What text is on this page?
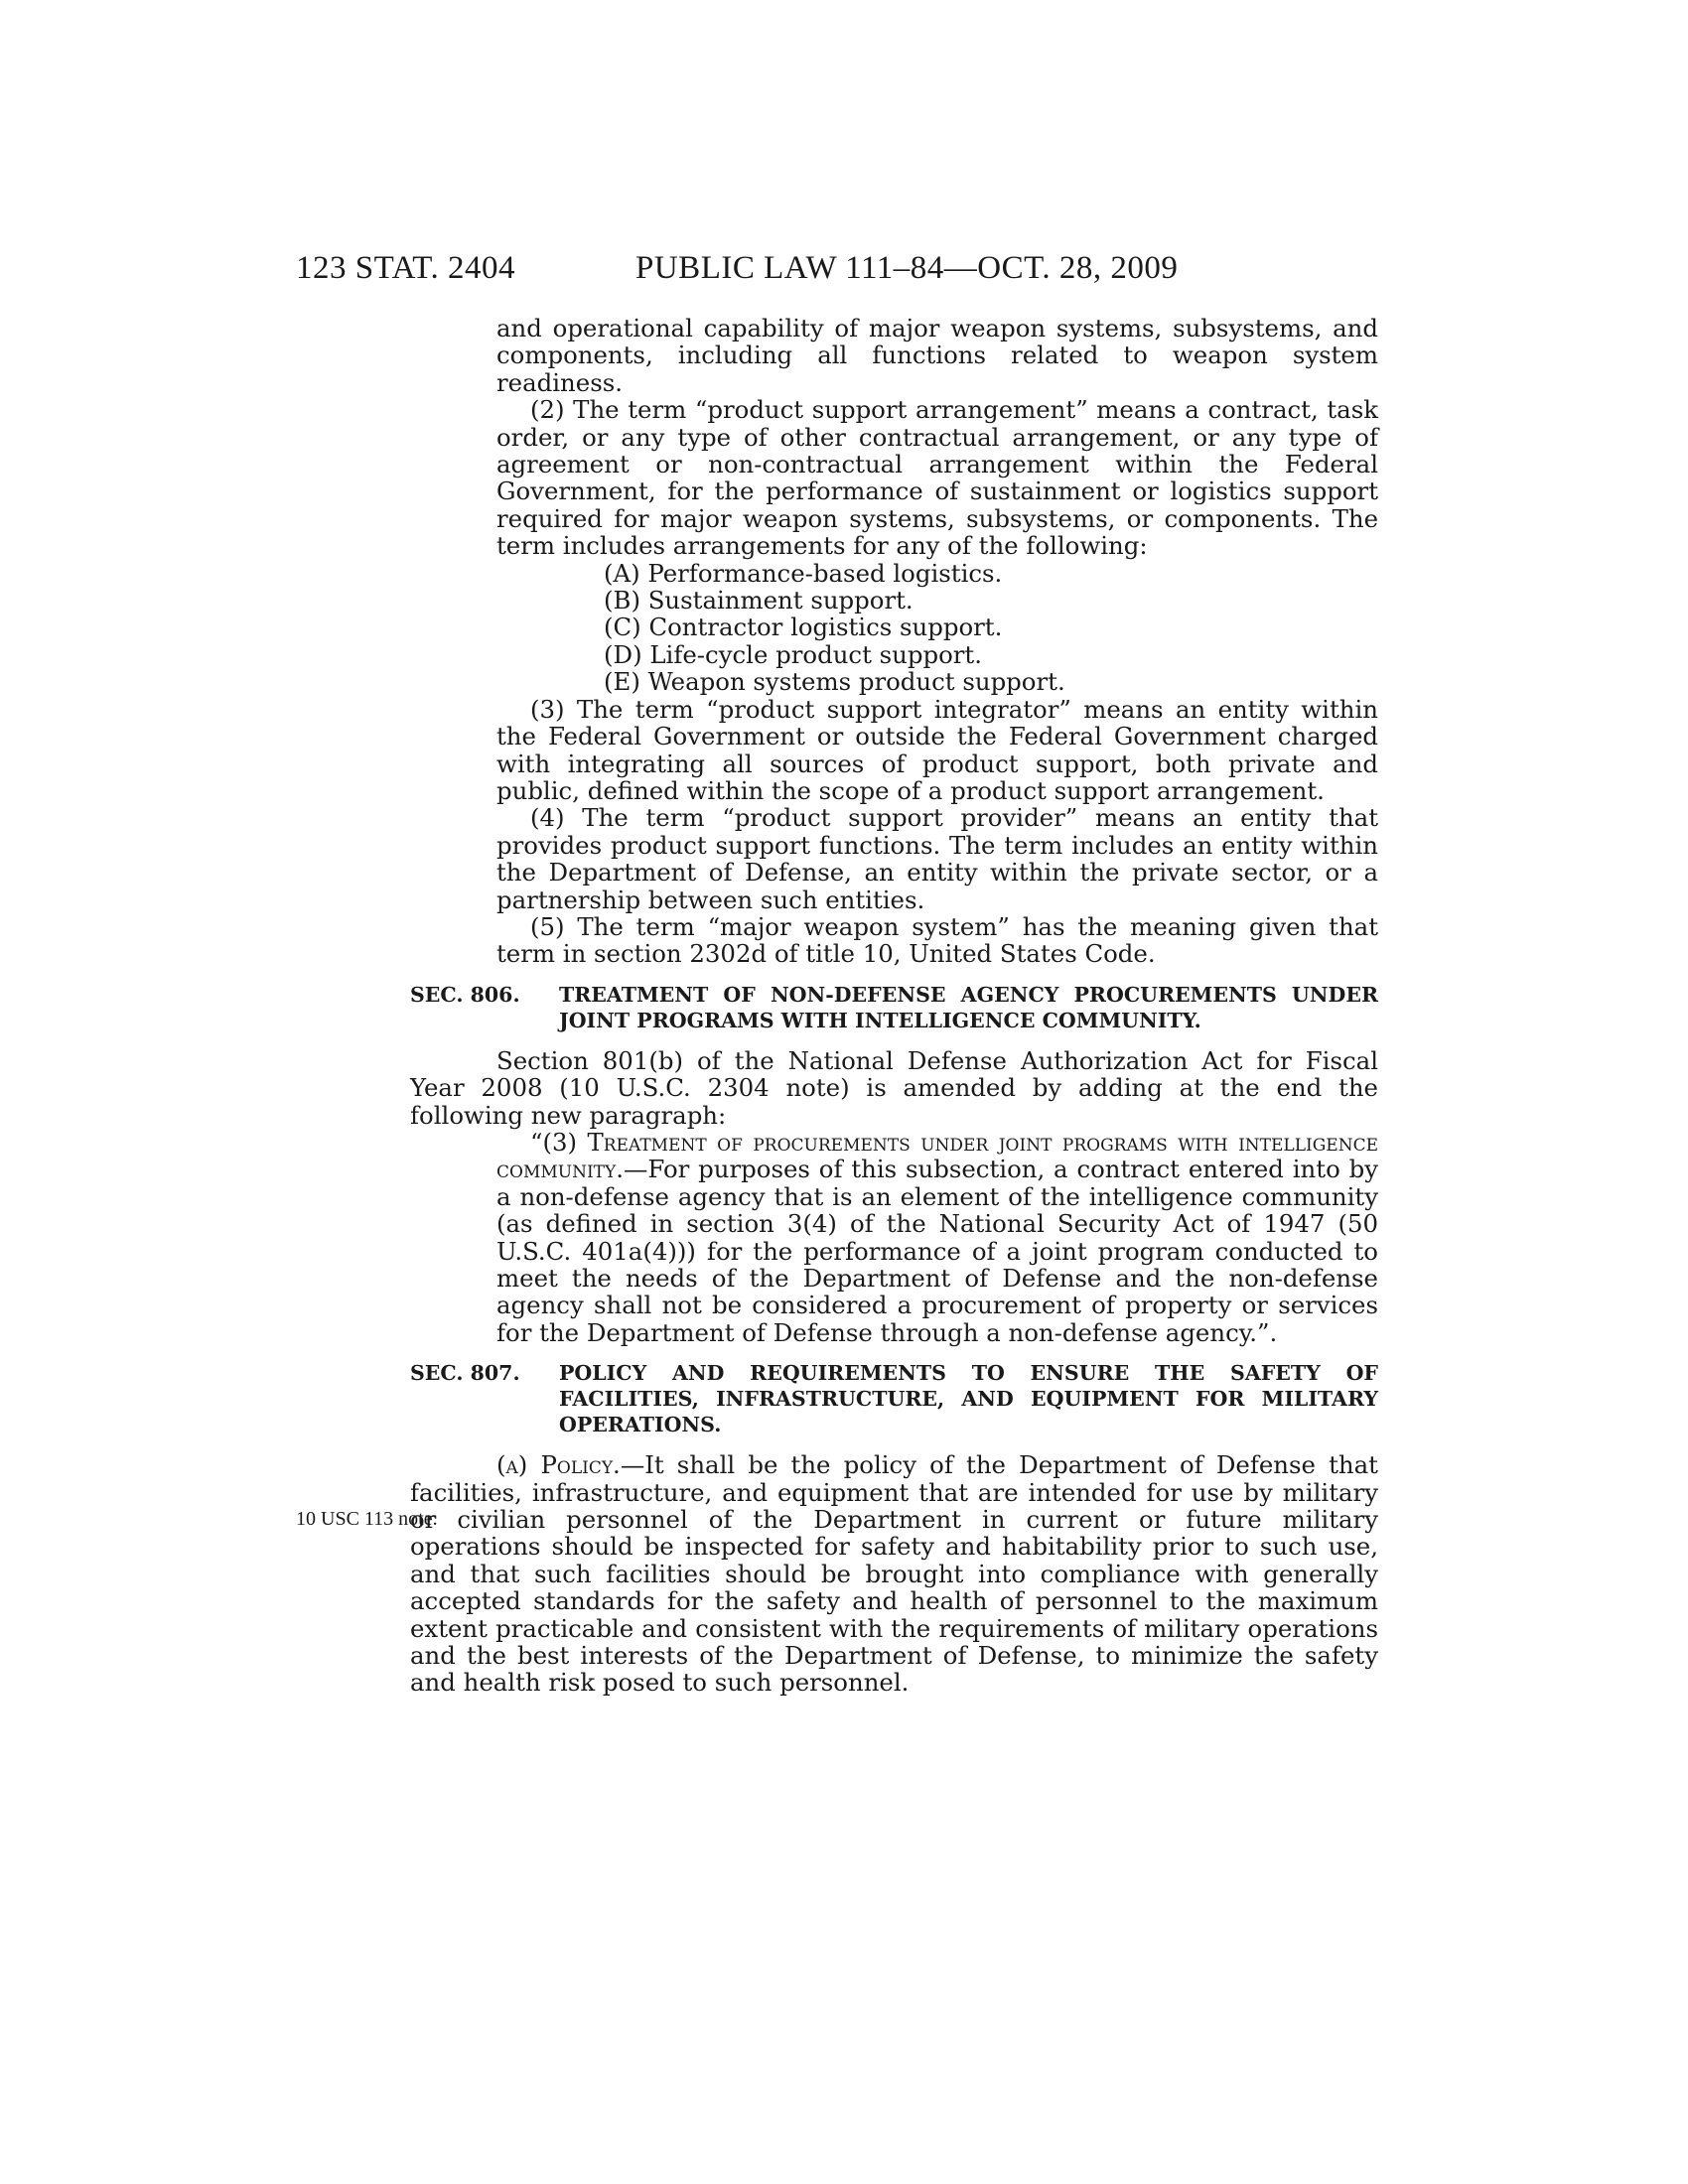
123 STAT. 2404	PUBLIC LAW 111–84—OCT. 28, 2009
10 USC 113 note.

and operational capability of major weapon systems, subsystems, and components, including all functions related to weapon system readiness.

(2) The term “product support arrangement” means a contract, task order, or any type of other contractual arrangement, or any type of agreement or non-contractual arrangement within the Federal Government, for the performance of sustainment or logistics support required for major weapon systems, subsystems, or components. The term includes arrangements for any of the following:

(A) Performance-based logistics.

(B) Sustainment support.

(C) Contractor logistics support.

(D) Life-cycle product support.

(E) Weapon systems product support.

(3) The term “product support integrator” means an entity within the Federal Government or outside the Federal Government charged with integrating all sources of product support, both private and public, defined within the scope of a product support arrangement.

(4) The term “product support provider” means an entity that provides product support functions. The term includes an entity within the Department of Defense, an entity within the private sector, or a partnership between such entities.

(5) The term “major weapon system” has the meaning given that term in section 2302d of title 10, United States Code.

SEC. 806. TREATMENT OF NON-DEFENSE AGENCY PROCUREMENTS UNDER JOINT PROGRAMS WITH INTELLIGENCE COMMUNITY.

Section 801(b) of the National Defense Authorization Act for Fiscal Year 2008 (10 U.S.C. 2304 note) is amended by adding at the end the following new paragraph:

“(3) Treatment of procurements under joint programs with intelligence community.—For purposes of this subsection, a contract entered into by a non-defense agency that is an element of the intelligence community (as defined in section 3(4) of the National Security Act of 1947 (50 U.S.C. 401a(4))) for the performance of a joint program conducted to meet the needs of the Department of Defense and the non-defense agency shall not be considered a procurement of property or services for the Department of Defense through a non-defense agency.”.

SEC. 807. POLICY AND REQUIREMENTS TO ENSURE THE SAFETY OF FACILITIES, INFRASTRUCTURE, AND EQUIPMENT FOR MILITARY OPERATIONS.

(a) Policy.—It shall be the policy of the Department of Defense that facilities, infrastructure, and equipment that are intended for use by military or civilian personnel of the Department in current or future military operations should be inspected for safety and habitability prior to such use, and that such facilities should be brought into compliance with generally accepted standards for the safety and health of personnel to the maximum extent practicable and consistent with the requirements of military operations and the best interests of the Department of Defense, to minimize the safety and health risk posed to such personnel.
